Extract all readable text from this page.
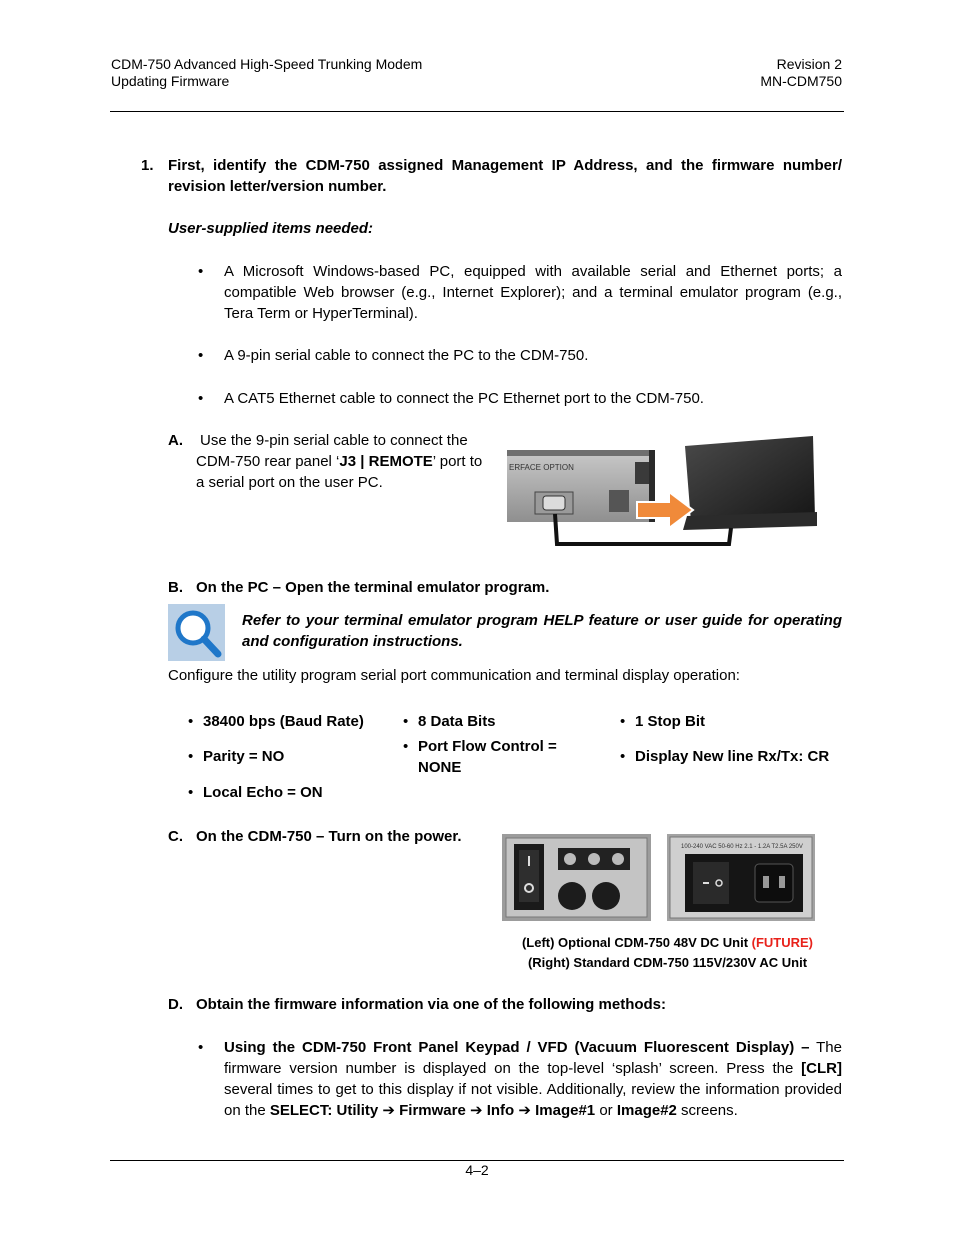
CDM-750 Advanced High-Speed Trunking Modem
Updating Firmware
Revision 2
MN-CDM750
1. First, identify the CDM-750 assigned Management IP Address, and the firmware number/ revision letter/version number.
User-supplied items needed:
• A Microsoft Windows-based PC, equipped with available serial and Ethernet ports; a compatible Web browser (e.g., Internet Explorer); and a terminal emulator program (e.g., Tera Term or HyperTerminal).
• A 9-pin serial cable to connect the PC to the CDM-750.
• A CAT5 Ethernet cable to connect the PC Ethernet port to the CDM-750.
A. Use the 9-pin serial cable to connect the CDM-750 rear panel ‘J3 | REMOTE’ port to a serial port on the user PC.
ERFACE OPTION
B. On the PC – Open the terminal emulator program.
Refer to your terminal emulator program HELP feature or user guide for operating and configuration instructions.
Configure the utility program serial port communication and terminal display operation:
• 38400 bps (Baud Rate)	• 8 Data Bits	• 1 Stop Bit
• Parity = NO
• Port Flow Control = NONE
• Display New line Rx/Tx: CR
• Local Echo = ON
C. On the CDM-750 – Turn on the power.
100-240 VAC 50-60 Hz 2.1 - 1.2A T2.5A 250V
(Left) Optional CDM-750 48V DC Unit (FUTURE)
(Right) Standard CDM-750 115V/230V AC Unit
D. Obtain the firmware information via one of the following methods:
• Using the CDM-750 Front Panel Keypad / VFD (Vacuum Fluorescent Display) – The firmware version number is displayed on the top-level ‘splash’ screen. Press the [CLR] several times to get to this display if not visible. Additionally, review the information provided on the SELECT: Utility ➔ Firmware ➔ Info ➔ Image#1 or Image#2 screens.
4–2
